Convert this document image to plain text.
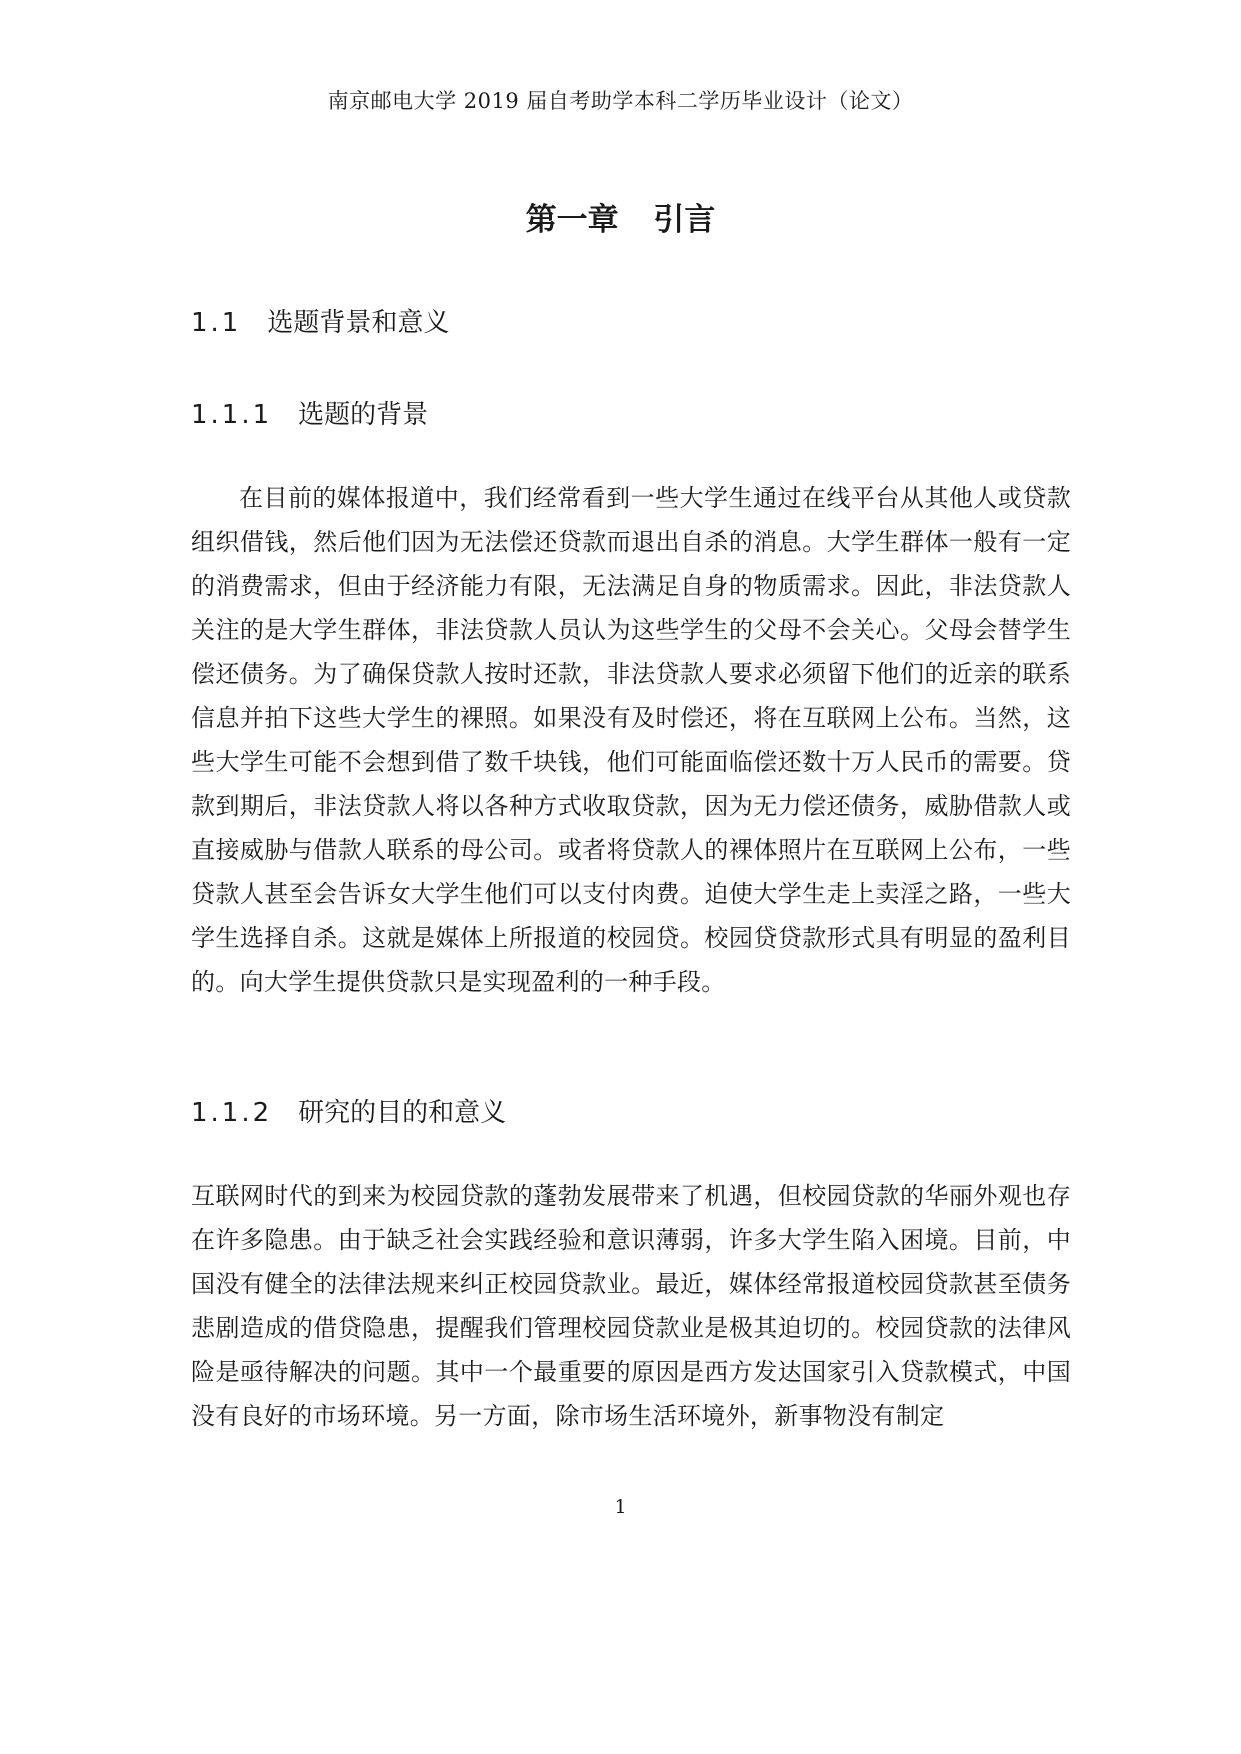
南京邮电大学 2019 届自考助学本科二学历毕业设计（论文）
第一章 引言
1.1 选题背景和意义
1.1.1 选题的背景

在目前的媒体报道中，我们经常看到一些大学生通过在线平台从其他人或贷款组织借钱，然后他们因为无法偿还贷款而退出自杀的消息。大学生群体一般有一定的消费需求，但由于经济能力有限，无法满足自身的物质需求。因此，非法贷款人关注的是大学生群体，非法贷款人员认为这些学生的父母不会关心。父母会替学生偿还债务。为了确保贷款人按时还款，非法贷款人要求必须留下他们的近亲的联系信息并拍下这些大学生的裸照。如果没有及时偿还，将在互联网上公布。当然，这些大学生可能不会想到借了数千块钱，他们可能面临偿还数十万人民币的需要。贷款到期后，非法贷款人将以各种方式收取贷款，因为无力偿还债务，威胁借款人或直接威胁与借款人联系的母公司。或者将贷款人的裸体照片在互联网上公布，一些贷款人甚至会告诉女大学生他们可以支付肉费。迫使大学生走上卖淫之路，一些大学生选择自杀。这就是媒体上所报道的校园贷。校园贷贷款形式具有明显的盈利目的。向大学生提供贷款只是实现盈利的一种手段。

1.1.2 研究的目的和意义

互联网时代的到来为校园贷款的蓬勃发展带来了机遇，但校园贷款的华丽外观也存在许多隐患。由于缺乏社会实践经验和意识薄弱，许多大学生陷入困境。目前，中国没有健全的法律法规来纠正校园贷款业。最近，媒体经常报道校园贷款甚至债务悲剧造成的借贷隐患，提醒我们管理校园贷款业是极其迫切的。校园贷款的法律风险是亟待解决的问题。其中一个最重要的原因是西方发达国家引入贷款模式，中国没有良好的市场环境。另一方面，除市场生活环境外，新事物没有制定

1
